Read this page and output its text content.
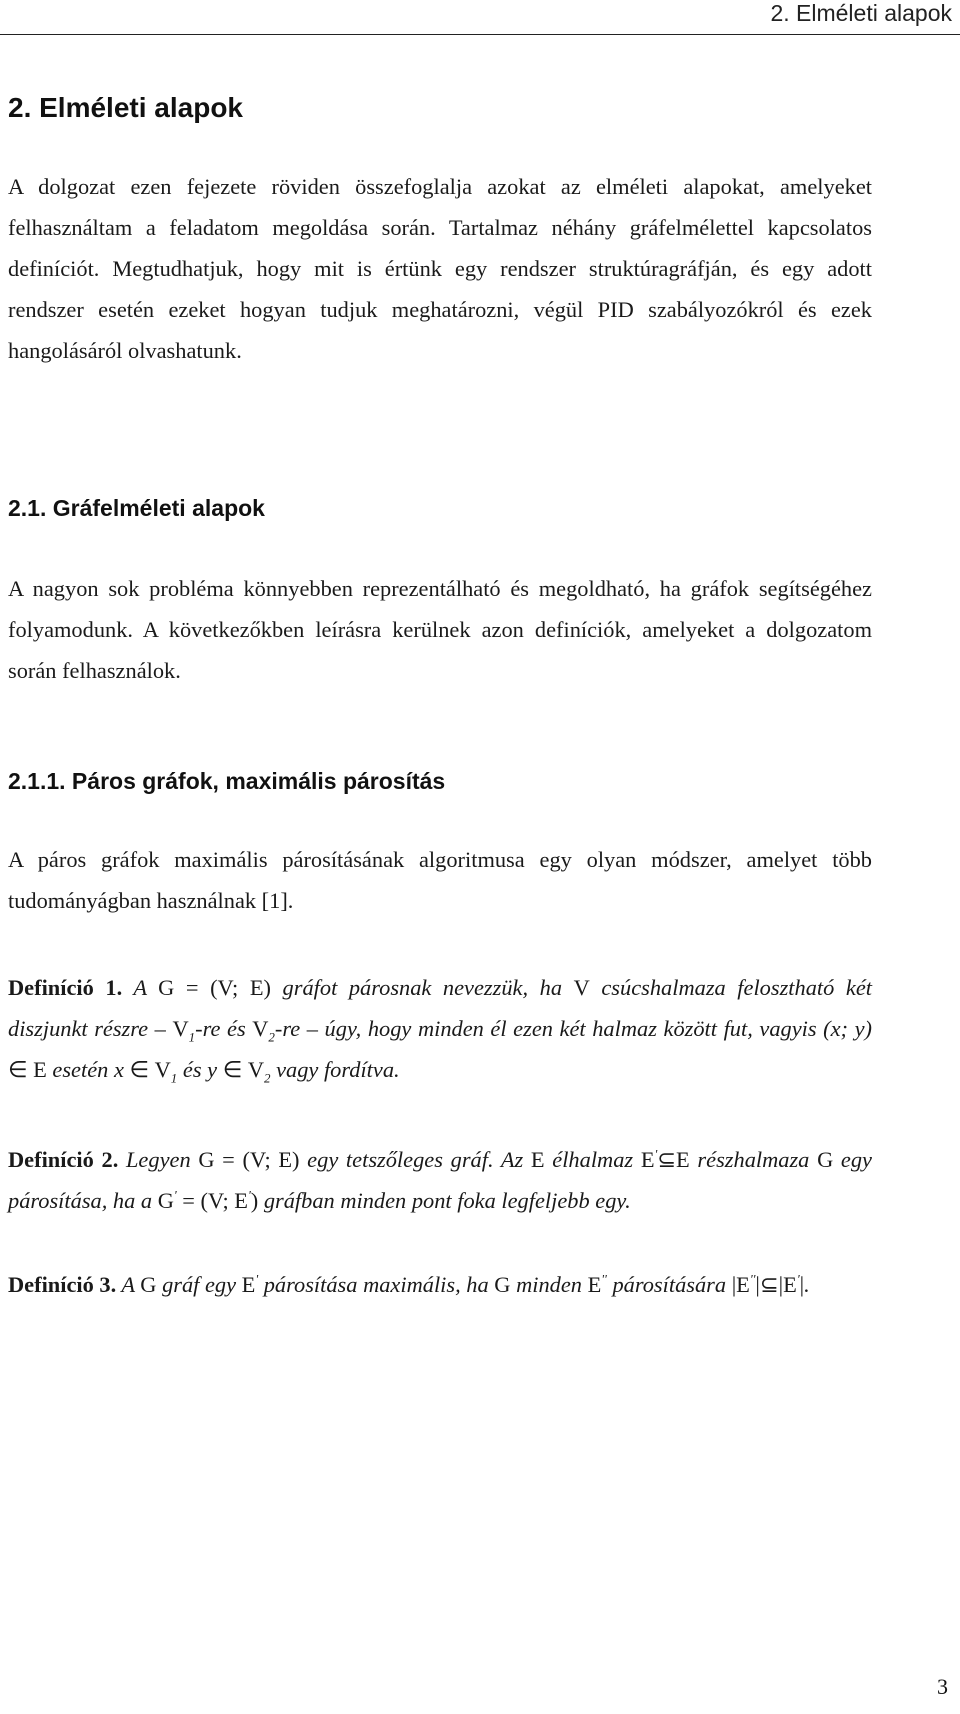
2. Elméleti alapok
2. Elméleti alapok

A dolgozat ezen fejezete röviden összefoglalja azokat az elméleti alapokat, amelyeket felhasználtam a feladatom megoldása során. Tartalmaz néhány gráfelmélettel kapcsolatos definíciót. Megtudhatjuk, hogy mit is értünk egy rendszer struktúragráfján, és egy adott rendszer esetén ezeket hogyan tudjuk meghatározni, végül PID szabályozókról és ezek hangolásáról olvashatunk.

2.1. Gráfelméleti alapok

A nagyon sok probléma könnyebben reprezentálható és megoldható, ha gráfok segítségéhez folyamodunk. A következőkben leírásra kerülnek azon definíciók, amelyeket a dolgozatom során felhasználok.

2.1.1. Páros gráfok, maximális párosítás

A páros gráfok maximális párosításának algoritmusa egy olyan módszer, amelyet több tudományágban használnak [1].

Definíció 1. A G = (V; E) gráfot párosnak nevezzük, ha V csúcshalmaza felosztható két diszjunkt részre – $V_1-re$ és $V_2-re$ – úgy, hogy minden él ezen két halmaz között fut, vagyis (x; y) ∈ E esetén x ∈ $V_1$ és y ∈ $V_2$ vagy fordítva.

Definíció 2. Legyen G = (V; E) egy tetszőleges gráf. Az E élhalmaz E'⊆E részhalmaza G egy párosítása, ha a G' = (V; E') gráfban minden pont foka legfeljebb egy.

Definíció 3. A G gráf egy E' párosítása maximális, ha G minden E'' párosítására |E''|⊆|E'|.

3
